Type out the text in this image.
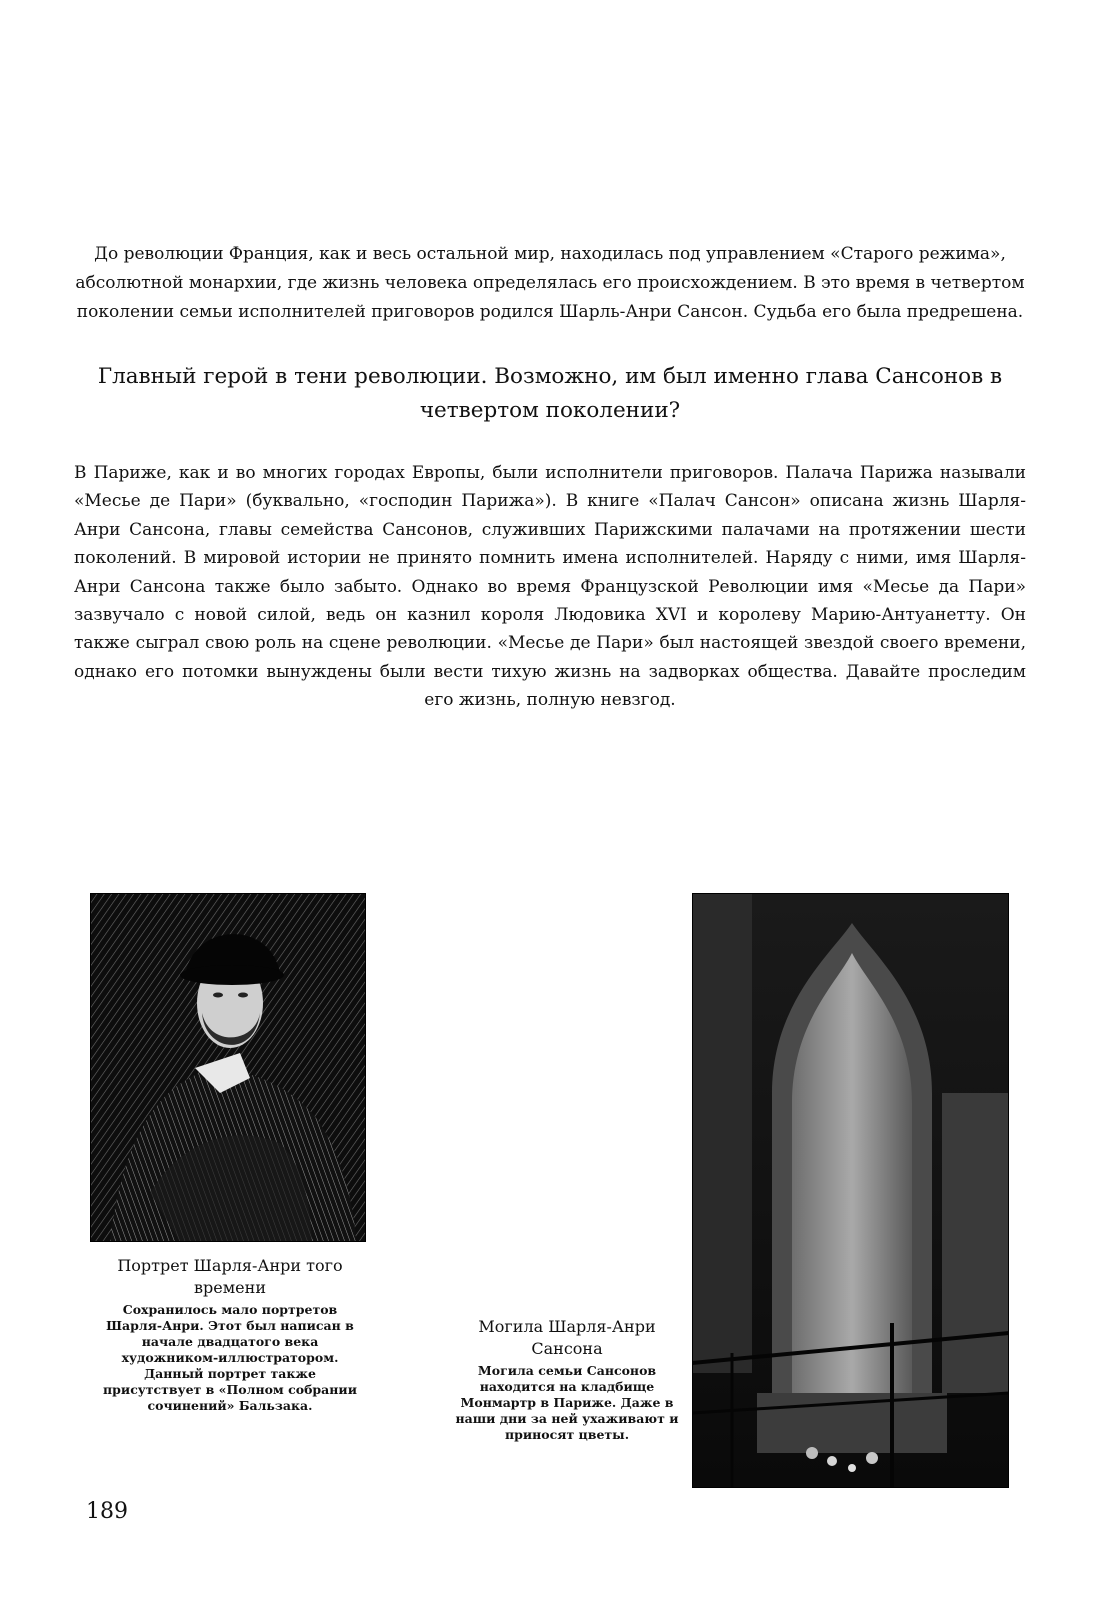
До революции Франция, как и весь остальной мир, находилась под управлением «Старого режима», абсолютной монархии, где жизнь человека определялась его происхождением. В это время в четвертом поколении семьи исполнителей приговоров родился Шарль-Анри Сансон. Судьба его была предрешена.

Главный герой в тени революции. Возможно, им был именно глава Сансонов в четвертом поколении?

В Париже, как и во многих городах Европы, были исполнители приговоров. Палача Парижа называли «Месье де Пари» (буквально, «господин Парижа»). В книге «Палач Сансон» описана жизнь Шарля-Анри Сансона, главы семейства Сансонов, служивших Парижскими палачами на протяжении шести поколений. В мировой истории не принято помнить имена исполнителей. Наряду с ними, имя Шарля-Анри Сансона также было забыто. Однако во время Французской Революции имя «Месье да Пари» зазвучало с новой силой, ведь он казнил короля Людовика XVI и королеву Марию-Антуанетту. Он также сыграл свою роль на сцене революции. «Месье де Пари» был настоящей звездой своего времени, однако его потомки вынуждены были вести тихую жизнь на задворках общества. Давайте проследим его жизнь, полную невзгод.

Портрет Шарля-Анри того времени

Сохранилось мало портретов Шарля-Анри. Этот был написан в начале двадцатого века художником-иллюстратором. Данный портрет также присутствует в «Полном собрании сочинений» Бальзака.

Могила Шарля-Анри Сансона

Могила семьи Сансонов находится на кладбище Монмартр в Париже. Даже в наши дни за ней ухаживают и приносят цветы.

189
